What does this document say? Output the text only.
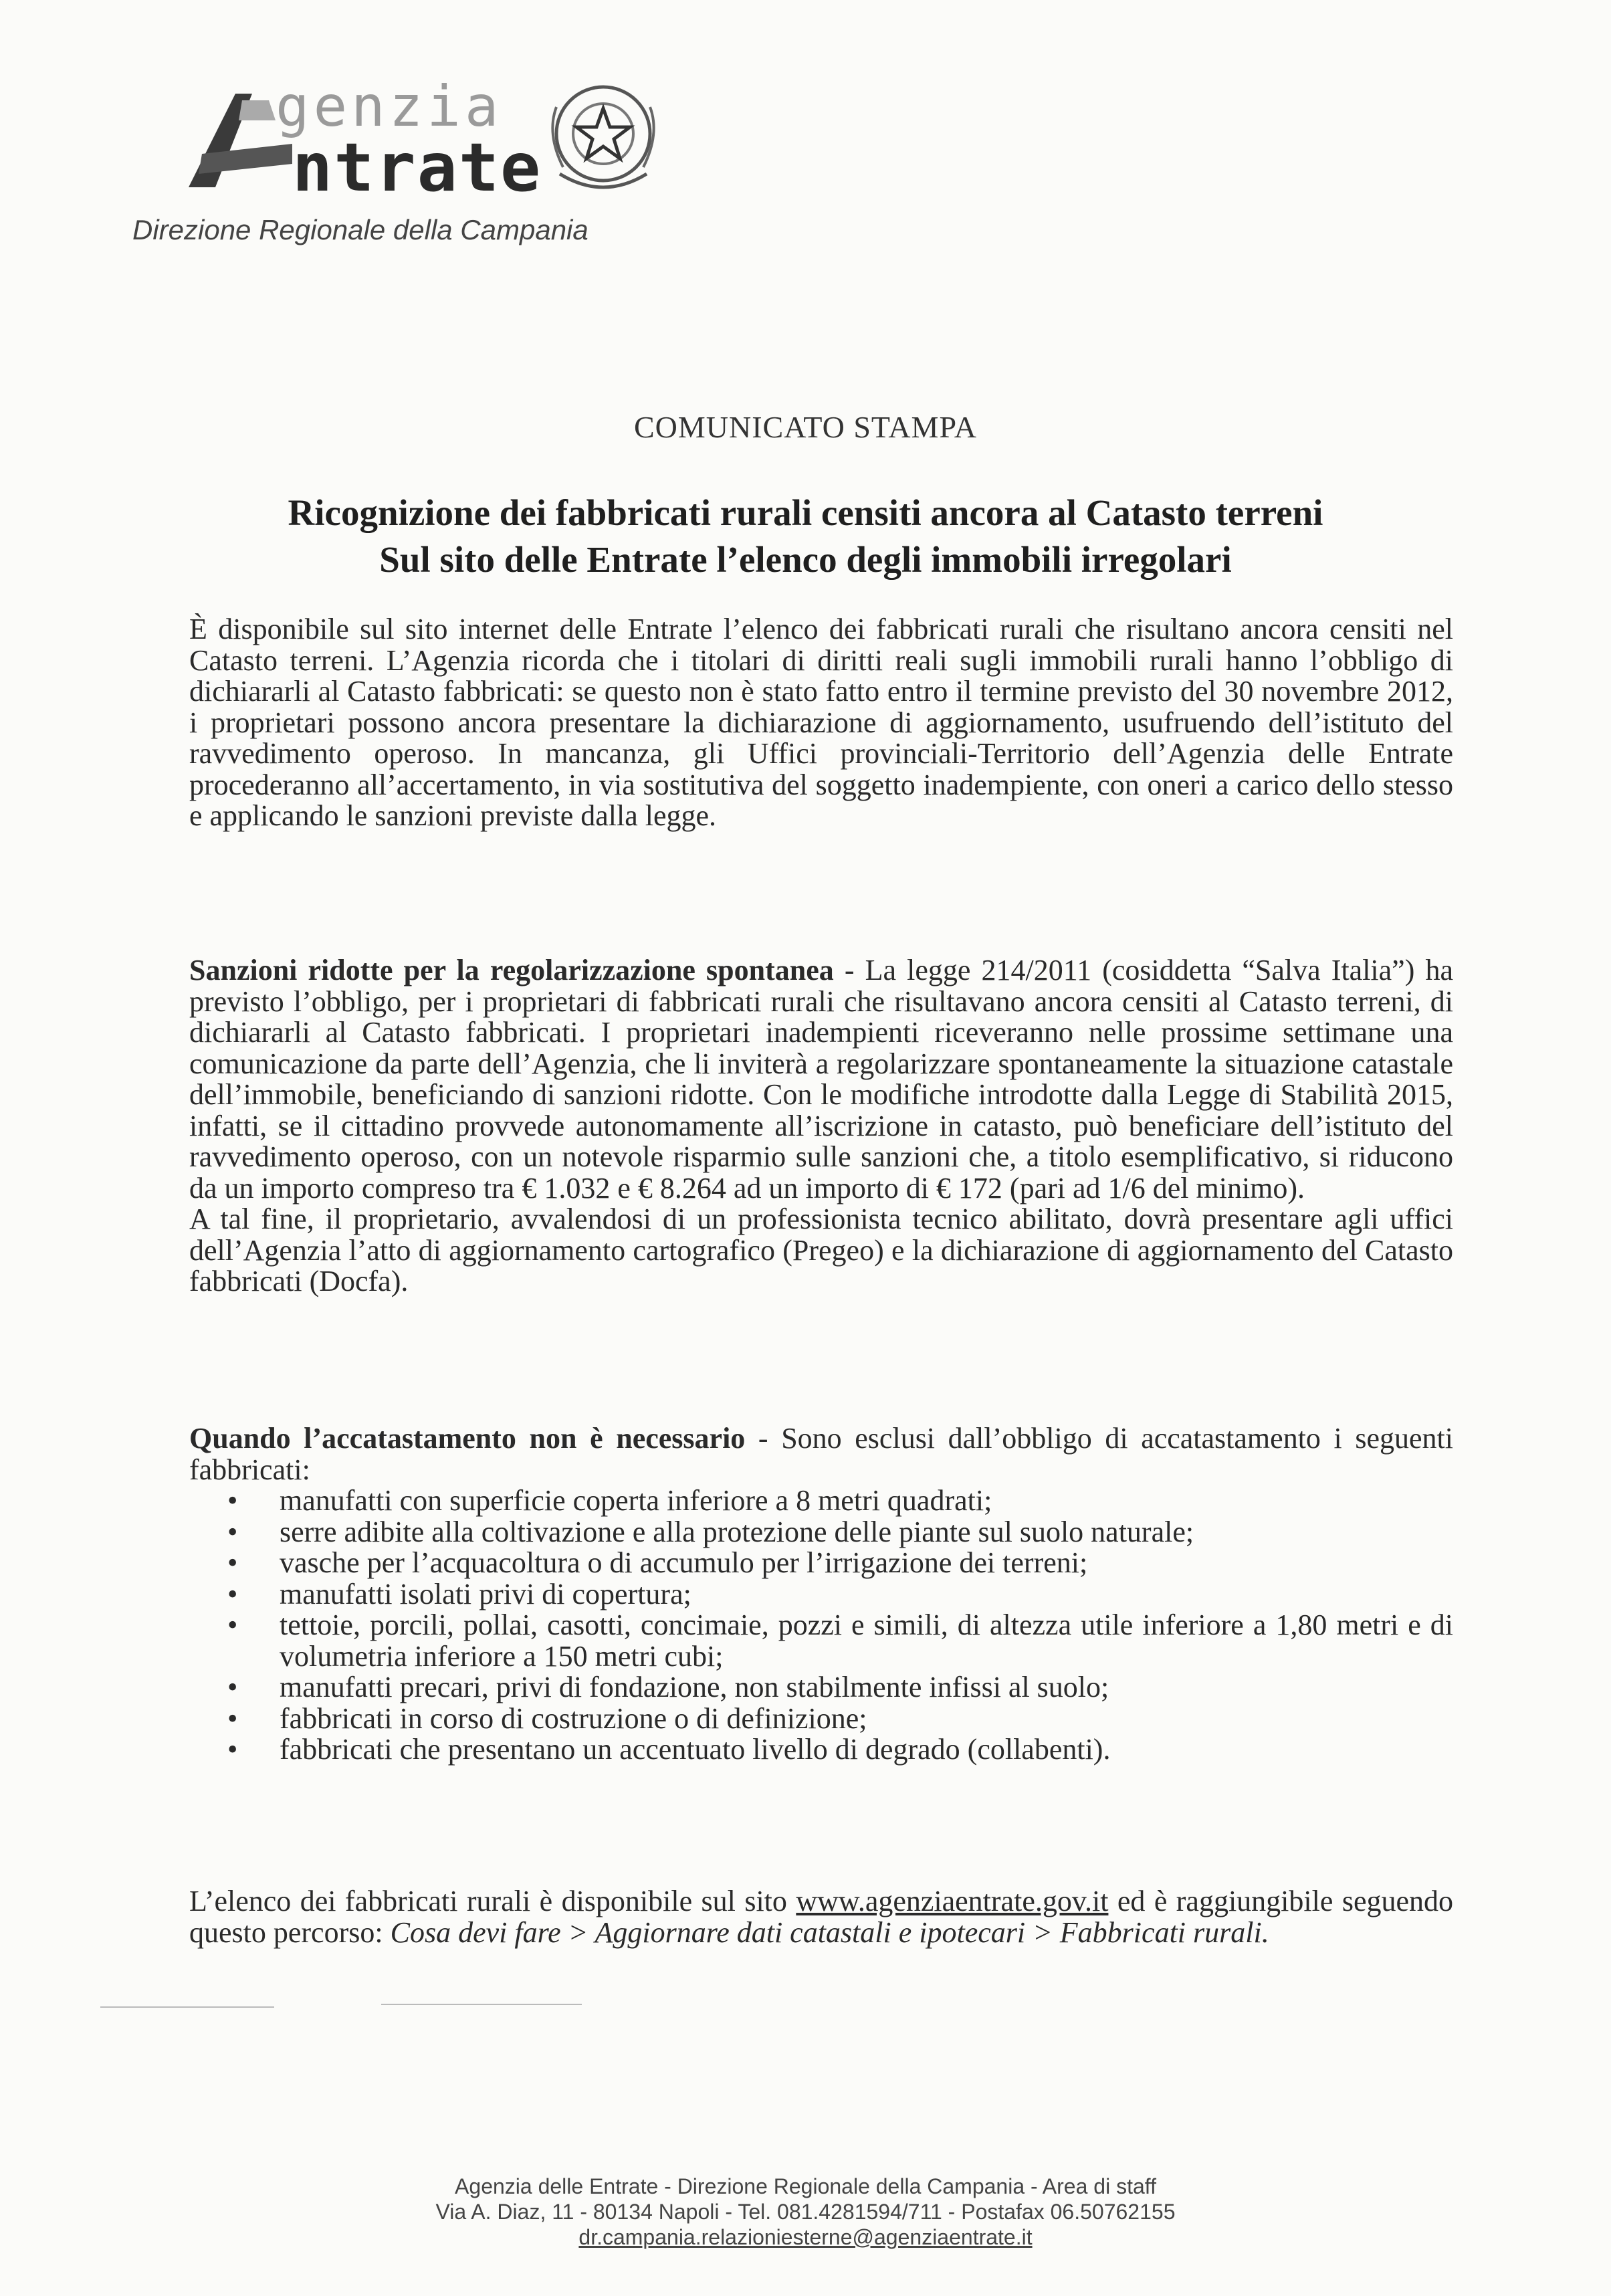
genzia
ntrate
Direzione Regionale della Campania
COMUNICATO STAMPA
Ricognizione dei fabbricati rurali censiti ancora al Catasto terreni
Sul sito delle Entrate l’elenco degli immobili irregolari

È disponibile sul sito internet delle Entrate l’elenco dei fabbricati rurali che risultano ancora censiti nel Catasto terreni. L’Agenzia ricorda che i titolari di diritti reali sugli immobili rurali hanno l’obbligo di dichiararli al Catasto fabbricati: se questo non è stato fatto entro il termine previsto del 30 novembre 2012, i proprietari possono ancora presentare la dichiarazione di aggiornamento, usufruendo dell’istituto del ravvedimento operoso. In mancanza, gli Uffici provinciali-Territorio dell’Agenzia delle Entrate procederanno all’accertamento, in via sostitutiva del soggetto inadempiente, con oneri a carico dello stesso e applicando le sanzioni previste dalla legge.

Sanzioni ridotte per la regolarizzazione spontanea - La legge 214/2011 (cosiddetta “Salva Italia”) ha previsto l’obbligo, per i proprietari di fabbricati rurali che risultavano ancora censiti al Catasto terreni, di dichiararli al Catasto fabbricati. I proprietari inadempienti riceveranno nelle prossime settimane una comunicazione da parte dell’Agenzia, che li inviterà a regolarizzare spontaneamente la situazione catastale dell’immobile, beneficiando di sanzioni ridotte. Con le modifiche introdotte dalla Legge di Stabilità 2015, infatti, se il cittadino provvede autonomamente all’iscrizione in catasto, può beneficiare dell’istituto del ravvedimento operoso, con un notevole risparmio sulle sanzioni che, a titolo esemplificativo, si riducono da un importo compreso tra € 1.032 e € 8.264 ad un importo di € 172 (pari ad 1/6 del minimo).

A tal fine, il proprietario, avvalendosi di un professionista tecnico abilitato, dovrà presentare agli uffici dell’Agenzia l’atto di aggiornamento cartografico (Pregeo) e la dichiarazione di aggiornamento del Catasto fabbricati (Docfa).

Quando l’accatastamento non è necessario - Sono esclusi dall’obbligo di accatastamento i seguenti fabbricati:

• manufatti con superficie coperta inferiore a 8 metri quadrati;
• serre adibite alla coltivazione e alla protezione delle piante sul suolo naturale;
• vasche per l’acquacoltura o di accumulo per l’irrigazione dei terreni;
• manufatti isolati privi di copertura;
• tettoie, porcili, pollai, casotti, concimaie, pozzi e simili, di altezza utile inferiore a 1,80 metri e di volumetria inferiore a 150 metri cubi;
• manufatti precari, privi di fondazione, non stabilmente infissi al suolo;
• fabbricati in corso di costruzione o di definizione;
• fabbricati che presentano un accentuato livello di degrado (collabenti).

L’elenco dei fabbricati rurali è disponibile sul sito www.agenziaentrate.gov.it ed è raggiungibile seguendo questo percorso: Cosa devi fare > Aggiornare dati catastali e ipotecari > Fabbricati rurali.

Agenzia delle Entrate - Direzione Regionale della Campania - Area di staff
Via A. Diaz, 11 - 80134 Napoli - Tel. 081.4281594/711 - Postafax 06.50762155
dr.campania.relazioniesterne@agenziaentrate.it
